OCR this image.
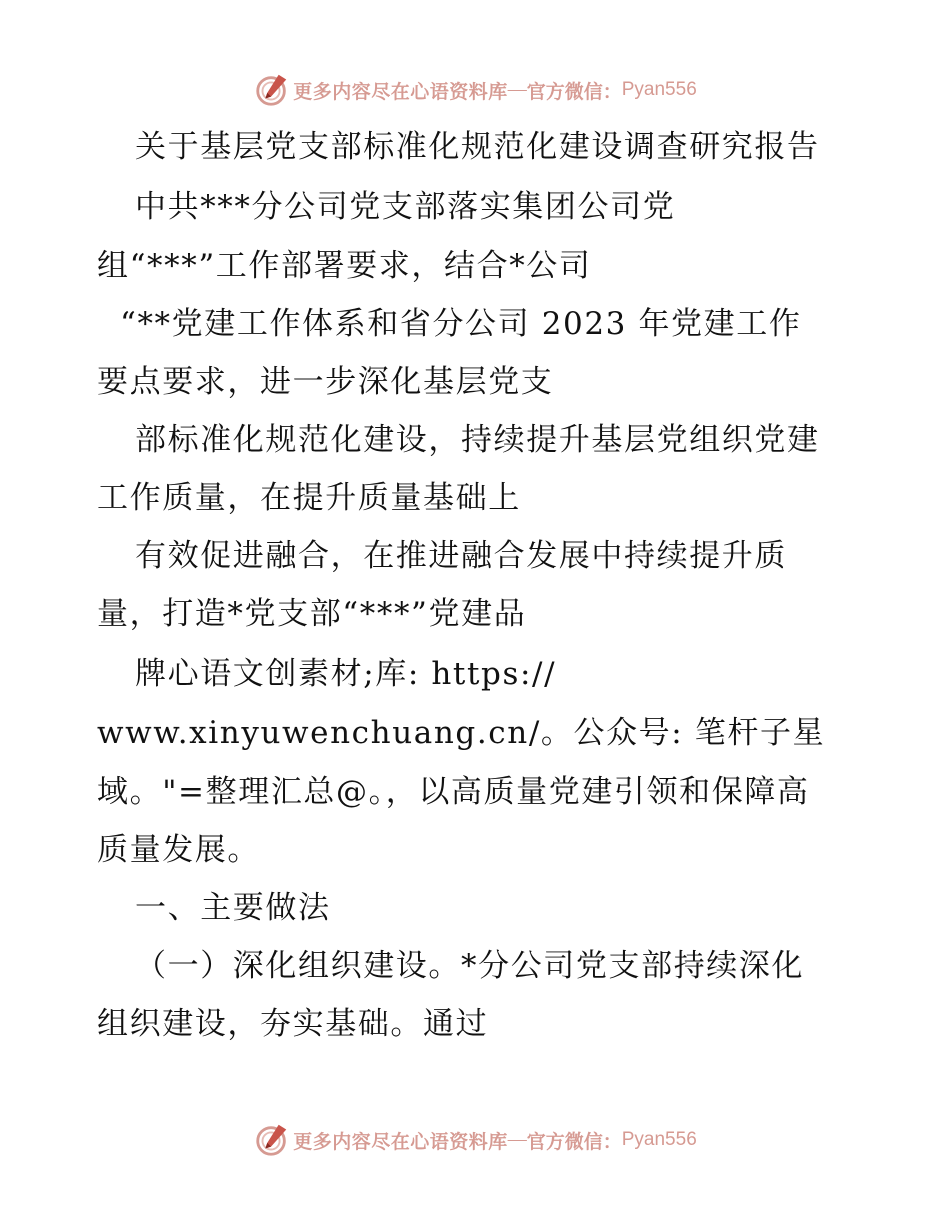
更多内容尽在心语资料库 — 官方微信： Pyan556
关于基层党支部标准化规范化建设调查研究报告
中共***分公司党支部落实集团公司党
组“***”工作部署要求，结合*公司
“**党建工作体系和省分公司 2023 年党建工作
要点要求，进一步深化基层党支
部标准化规范化建设，持续提升基层党组织党建
工作质量，在提升质量基础上
有效促进融合，在推进融合发展中持续提升质
量，打造*党支部“***”党建品
牌心语文创素材;库: https://
www.xinyuwenchuang.cn/。公众号: 笔杆子星
域。"=整理汇总@。，以高质量党建引领和保障高
质量发展。
一、主要做法
（一）深化组织建设。*分公司党支部持续深化
组织建设，夯实基础。通过
更多内容尽在心语资料库 — 官方微信： Pyan556
